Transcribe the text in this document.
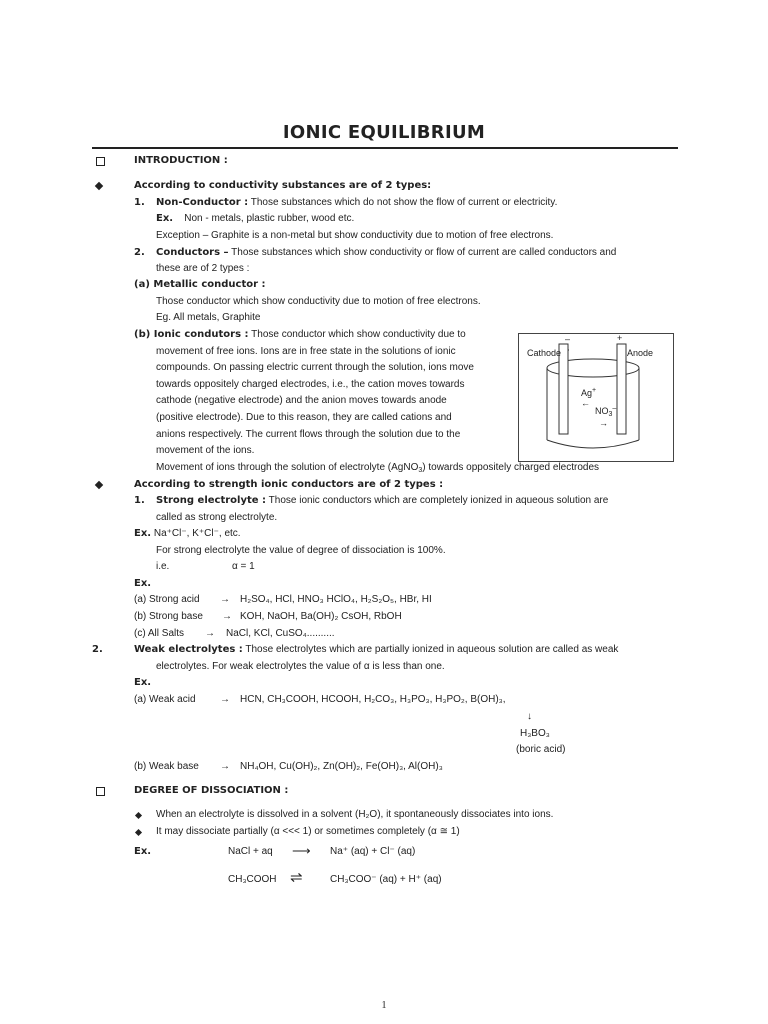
IONIC EQUILIBRIUM
INTRODUCTION :
According to conductivity substances are of 2 types:
1. Non-Conductor : Those substances which do not show the flow of current or electricity.
Ex. Non - metals, plastic rubber, wood etc.
Exception – Graphite is a non-metal but show conductivity due to motion of free electrons.
2. Conductors – Those substances which show conductivity or flow of current are called conductors and
these are of 2 types :
(a) Metallic conductor :
Those conductor which show conductivity due to motion of free electrons.
Eg. All metals, Graphite
(b) Ionic condutors : Those conductor which show conductivity due to
movement of free ions. Ions are in free state in the solutions of ionic
compounds. On passing electric current through the solution, ions move
towards oppositely charged electrodes, i.e., the cation moves towards
cathode (negative electrode) and the anion moves towards anode
(positive electrode). Due to this reason, they are called cations and
anions respectively. The current flows through the solution due to the
movement of the ions.
Movement of ions through the solution of electrolyte (AgNO$_3$) towards oppositely charged electrodes
Cathode	Anode
–	+
Ag+
←
$NO_3^-$
→
According to strength ionic conductors are of 2 types :
1. Strong electrolyte : Those ionic conductors which are completely ionized in aqueous solution are
called as strong electrolyte.
Ex. Na⁺Cl⁻, K⁺Cl⁻, etc.
For strong electrolyte the value of degree of dissociation is 100%.
i.e.	α = 1
Ex.
(a) Strong acid → H₂SO₄, HCl, HNO₃ HClO₄, H₂S₂O₅, HBr, HI
(b) Strong base → KOH, NaOH, Ba(OH)₂ CsOH, RbOH
(c) All Salts → NaCl, KCl, CuSO₄..........
2.	Weak electrolytes : Those electrolytes which are partially ionized in aqueous solution are called as weak
electrolytes. For weak electrolytes the value of α is less than one.
Ex.
(a) Weak acid → HCN, CH₃COOH, HCOOH, H₂CO₃, H₃PO₃, H₃PO₂, B(OH)₃,
↓
H₃BO₃
(boric acid)
(b) Weak base → NH₄OH, Cu(OH)₂, Zn(OH)₂, Fe(OH)₃, Al(OH)₃
DEGREE OF DISSOCIATION :
When an electrolyte is dissolved in a solvent (H₂O), it spontaneously dissociates into ions.
It may dissociate partially (α <<< 1) or sometimes completely (α ≅ 1)
Ex.	NaCl + aq ⟶ Na⁺ (aq) + Cl⁻ (aq)
CH₃COOH ⇌	CH₃COO⁻ (aq) + H⁺ (aq)
1
